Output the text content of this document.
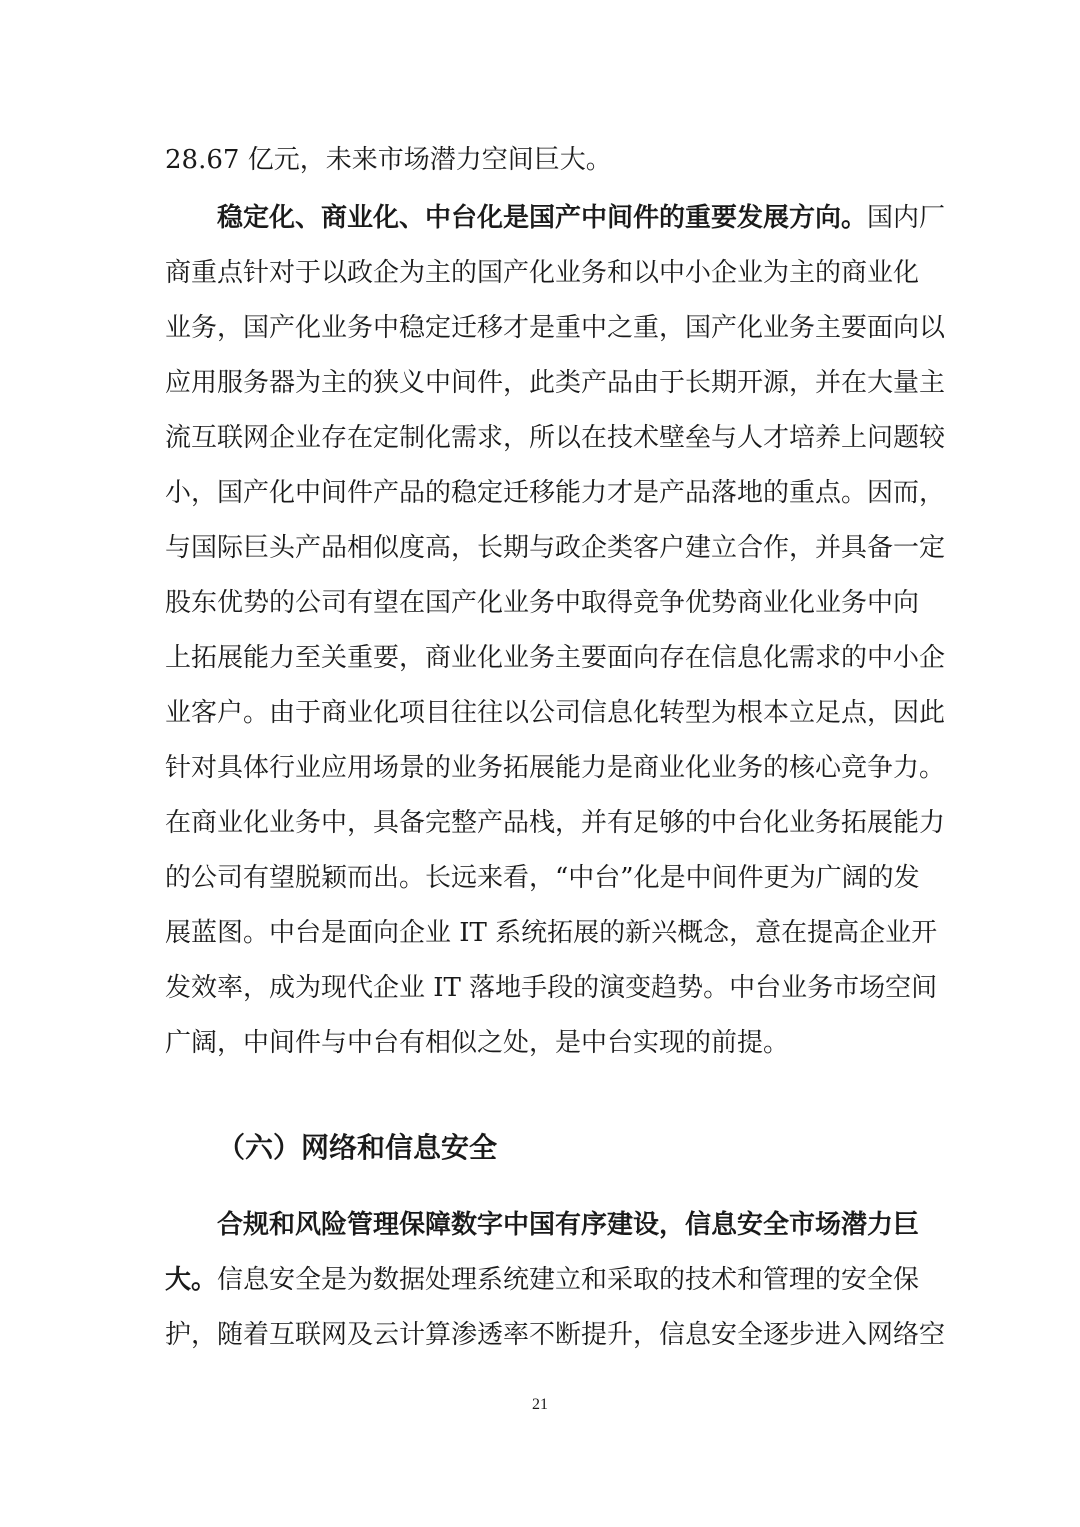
28.67 亿元，未来市场潜力空间巨大。
稳定化、商业化、中台化是国产中间件的重要发展方向。国内厂
商重点针对于以政企为主的国产化业务和以中小企业为主的商业化
业务，国产化业务中稳定迁移才是重中之重，国产化业务主要面向以
应用服务器为主的狭义中间件，此类产品由于长期开源，并在大量主
流互联网企业存在定制化需求，所以在技术壁垒与人才培养上问题较
小，国产化中间件产品的稳定迁移能力才是产品落地的重点。因而，
与国际巨头产品相似度高，长期与政企类客户建立合作，并具备一定
股东优势的公司有望在国产化业务中取得竞争优势商业化业务中向
上拓展能力至关重要，商业化业务主要面向存在信息化需求的中小企
业客户。由于商业化项目往往以公司信息化转型为根本立足点，因此
针对具体行业应用场景的业务拓展能力是商业化业务的核心竞争力。
在商业化业务中，具备完整产品栈，并有足够的中台化业务拓展能力
的公司有望脱颖而出。长远来看，“中台”化是中间件更为广阔的发
展蓝图。中台是面向企业 IT 系统拓展的新兴概念，意在提高企业开
发效率，成为现代企业 IT 落地手段的演变趋势。中台业务市场空间
广阔，中间件与中台有相似之处，是中台实现的前提。
（六）网络和信息安全
合规和风险管理保障数字中国有序建设，信息安全市场潜力巨
大。信息安全是为数据处理系统建立和采取的技术和管理的安全保
护，随着互联网及云计算渗透率不断提升，信息安全逐步进入网络空
21
